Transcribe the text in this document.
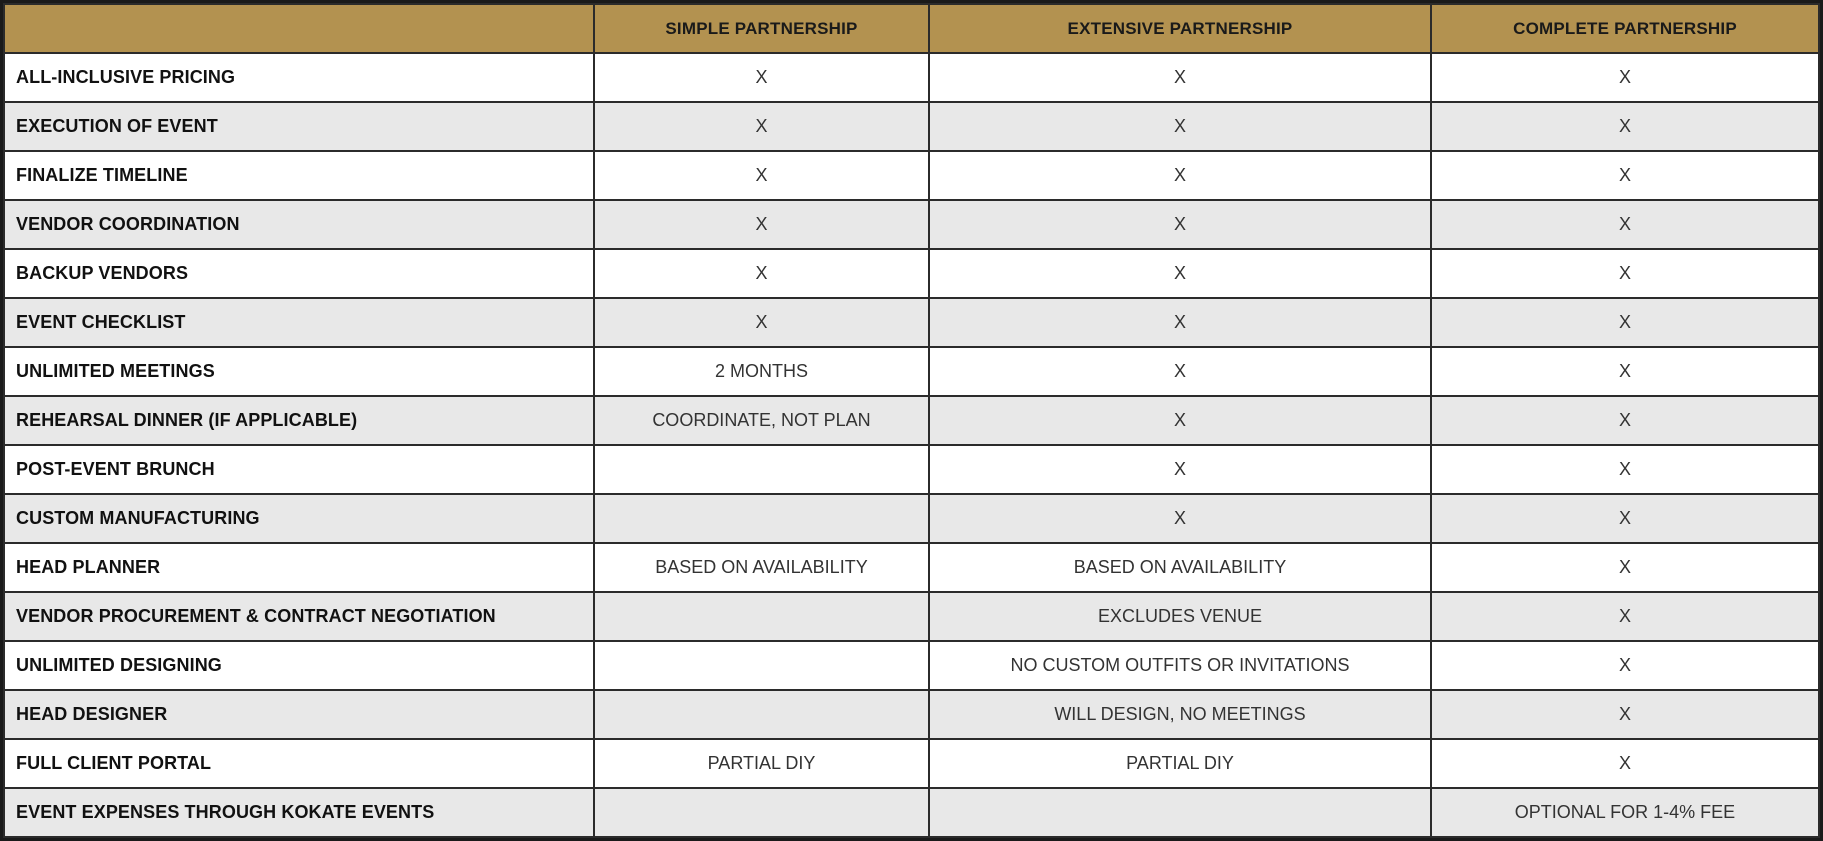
	SIMPLE PARTNERSHIP	EXTENSIVE PARTNERSHIP	COMPLETE PARTNERSHIP
ALL-INCLUSIVE PRICING	X	X	X
EXECUTION OF EVENT	X	X	X
FINALIZE TIMELINE	X	X	X
VENDOR COORDINATION	X	X	X
BACKUP VENDORS	X	X	X
EVENT CHECKLIST	X	X	X
UNLIMITED MEETINGS	2 MONTHS	X	X
REHEARSAL DINNER (IF APPLICABLE)	COORDINATE, NOT PLAN	X	X
POST-EVENT BRUNCH		X	X
CUSTOM MANUFACTURING		X	X
HEAD PLANNER	BASED ON AVAILABILITY	BASED ON AVAILABILITY	X
VENDOR PROCUREMENT & CONTRACT NEGOTIATION		EXCLUDES VENUE	X
UNLIMITED DESIGNING		NO CUSTOM OUTFITS OR INVITATIONS	X
HEAD DESIGNER		WILL DESIGN, NO MEETINGS	X
FULL CLIENT PORTAL	PARTIAL DIY	PARTIAL DIY	X
EVENT EXPENSES THROUGH KOKATE EVENTS			OPTIONAL FOR 1-4% FEE
